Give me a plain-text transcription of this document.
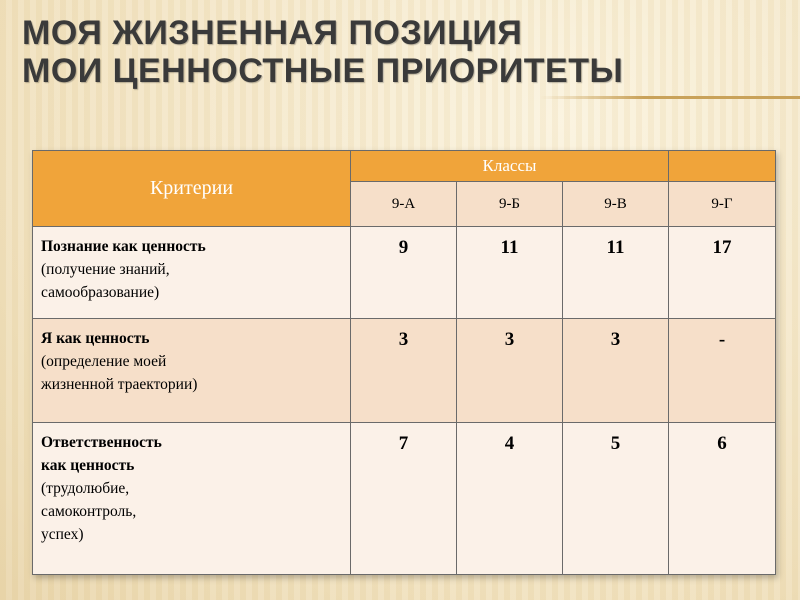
МОЯ ЖИЗНЕННАЯ ПОЗИЦИЯ
МОИ ЦЕННОСТНЫЕ ПРИОРИТЕТЫ
Критерии	Классы			
	9-А	9-Б	9-В	9-Г

Познание как ценность
(получение знаний,
самообразование)	9	11	11	17

Я как ценность
(определение моей
жизненной траектории)	3	3	3	-

Ответственность
как ценность
(трудолюбие,
самоконтроль,
успех)	7	4	5	6
